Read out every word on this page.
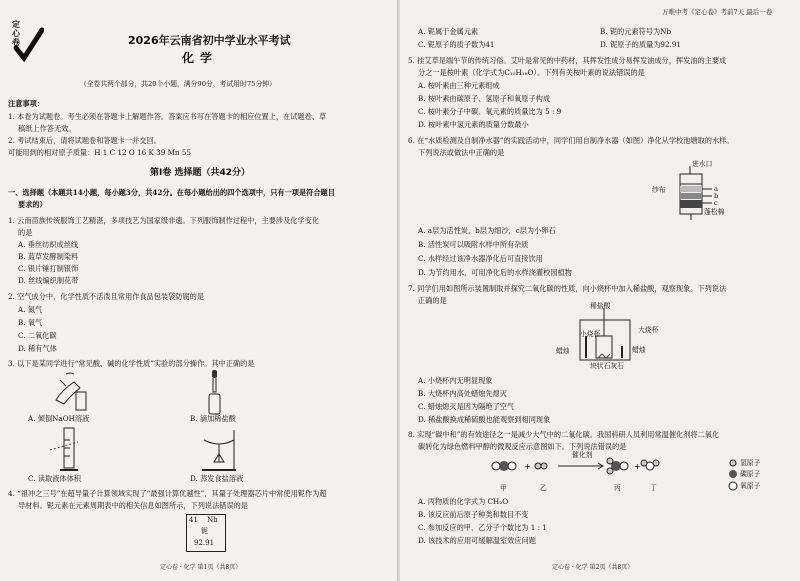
定心卷	2026年云南省初中学业水平考试
化学
（全卷共两个部分，共20个小题，满分90分，考试用时75分钟）
注意事项：
1. 本卷为试题卷。考生必须在答题卡上解题作答。答案应书写在答题卡的相应位置上，在试题卷、草
稿纸上作答无效。
2. 考试结束后，请将试题卷和答题卡一并交回。
可能用到的相对原子质量：H 1 C 12 O 16 K 39 Mn 55
第Ⅰ卷 选择题（共42分）
一、选择题（本题共14小题，每小题3分，共42分。在每小题给出的四个选项中，只有一项是符合题目
要求的）
1. 云南苗族传统服饰工艺精湛，多项技艺为国家级非遗。下列服饰制作过程中，主要涉及化学变化
的是
A. 垂丝纺织成丝线
B. 蓝草发酵制染料
C. 银片锤打制银饰
D. 丝线编织制花带
2. 空气成分中，化学性质不活泼且常用作食品包装袋防腐的是
A. 氮气
B. 氧气
C. 二氧化碳
D. 稀有气体
3. 以下是某同学进行“常见酸、碱的化学性质”实验的部分操作。其中正确的是
A. 倾倒NaOH溶液	B. 滴加稀盐酸
C. 读取液体体积	D. 蒸发食盐溶液
4. “祖冲之三号”在超导量子计算领域实现了“最强计算优越性”，其量子处理器芯片中常使用铌作为超
导材料。铌元素在元素周期表中的相关信息如图所示，下列说法错误的是
41 Nb
铌
92.91
定心卷 · 化学 第1页（共8页）
万唯中考《定心卷》考前7天 最后一卷
A. 铌属于金属元素	B. 铌的元素符号为Nb
C. 铌原子的质子数为41	D. 铌原子的质量为92.91
5. 挂艾草是端午节的传统习俗。艾叶是常见的中药材，其挥发性成分易挥发油成分，挥发油的主要成
分之一是桉叶素（化学式为C₁₀H₁₈O）。下列有关桉叶素的说法错误的是
A. 桉叶素由三种元素组成
B. 桉叶素由碳原子、氢原子和氧原子构成
C. 桉叶素分子中碳、氧元素的质量比为 5 : 9
D. 桉叶素中氢元素的质量分数最小
6. 在“水质检测及自制净水器”的实践活动中，同学们用自制净水器（如图）净化从学校池塘取的水样。
下列说法或做法中正确的是
进水口
纱布	a
b
c
蓬松棉
A. a层为活性炭，b层为细沙，c层为小卵石
B. 活性炭可以吸附水样中所有杂质
C. 水样经过该净水器净化后可直接饮用
D. 为节约用水，可用净化后的水样浇灌校园植物
7. 同学们用如图所示装置制取并探究二氧化碳的性质，向小烧杯中加入稀盐酸，观察现象。下列说法
正确的是
稀盐酸
大烧杯
小烧杯
蜡烛	蜡烛
块状石灰石
A. 小烧杯内无明显现象
B. 大烧杯内高处蜡烛先熄灭
C. 蜡烛熄灭是因为隔绝了空气
D. 稀盐酸换成稀硫酸也能观察到相同现象
8. 实现“碳中和”的有效途径之一是减少大气中的二氧化碳。我国科研人员利用常温催化剂将二氧化
碳转化为绿色燃料甲醇的微观反应示意图如下。下列说法错误的是
+	+
催化剂
甲	乙	丙	丁
氢原子
碳原子
氧原子
A. 丙物质的化学式为 CH₂O
B. 该反应前后原子种类和数目不变
C. 参加反应的甲、乙分子个数比为 1 : 1
D. 该技术的应用可缓解温室效应问题
定心卷 · 化学 第2页（共8页）
